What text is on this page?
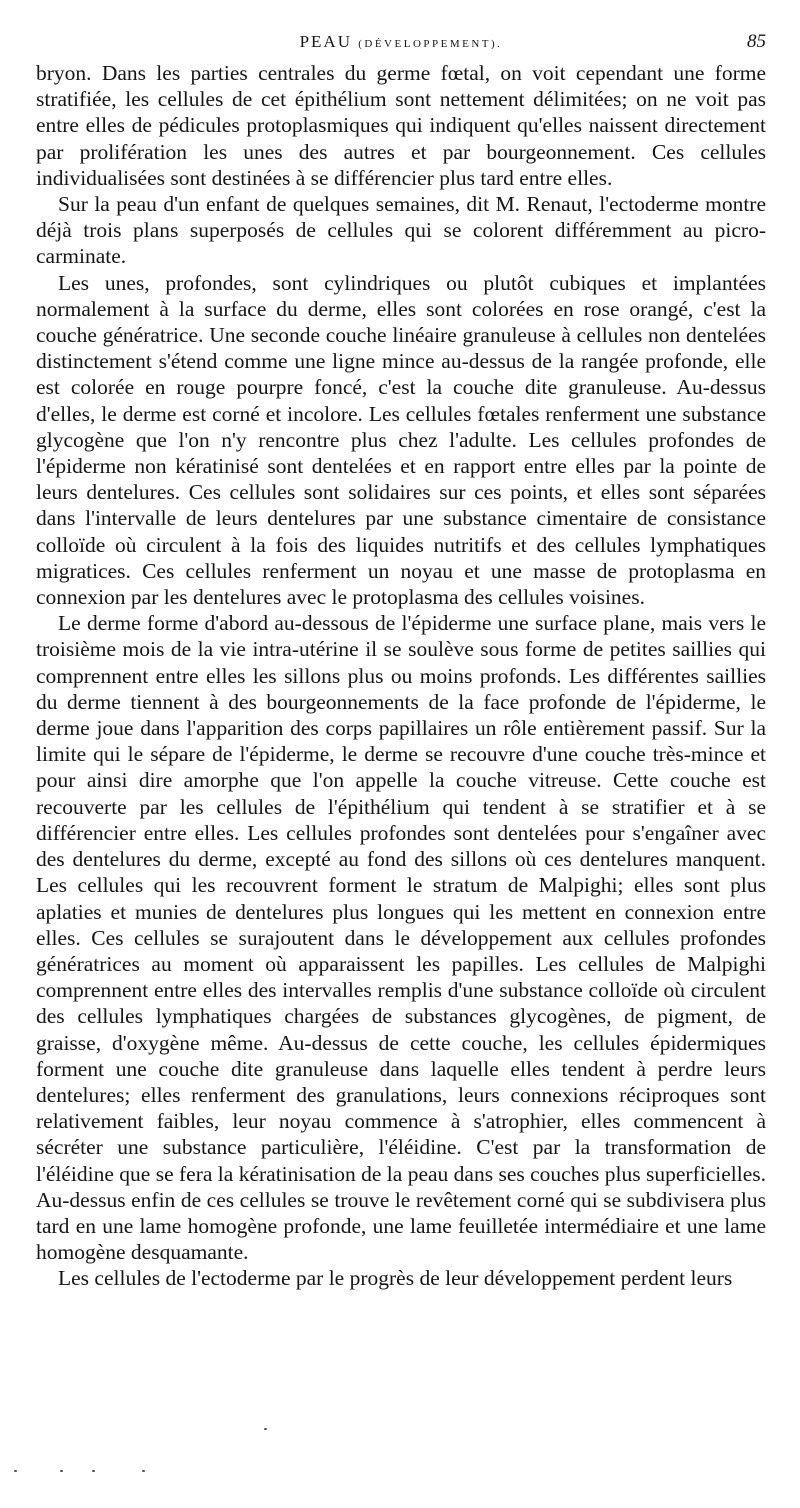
PEAU (DÉVELOPPEMENT).	85

bryon. Dans les parties centrales du germe fœtal, on voit cependant une forme stratifiée, les cellules de cet épithélium sont nettement délimitées; on ne voit pas entre elles de pédicules protoplasmiques qui indiquent qu'elles naissent directement par prolifération les unes des autres et par bourgeonnement. Ces cellules individualisées sont destinées à se différencier plus tard entre elles.

Sur la peau d'un enfant de quelques semaines, dit M. Renaut, l'ectoderme montre déjà trois plans superposés de cellules qui se colorent différemment au picro-carminate.

Les unes, profondes, sont cylindriques ou plutôt cubiques et implantées normalement à la surface du derme, elles sont colorées en rose orangé, c'est la couche génératrice. Une seconde couche linéaire granuleuse à cellules non dentelées distinctement s'étend comme une ligne mince au-dessus de la rangée profonde, elle est colorée en rouge pourpre foncé, c'est la couche dite granuleuse. Au-dessus d'elles, le derme est corné et incolore. Les cellules fœtales renferment une substance glycogène que l'on n'y rencontre plus chez l'adulte. Les cellules profondes de l'épiderme non kératinisé sont dentelées et en rapport entre elles par la pointe de leurs dentelures. Ces cellules sont solidaires sur ces points, et elles sont séparées dans l'intervalle de leurs dentelures par une substance cimentaire de consistance colloïde où circulent à la fois des liquides nutritifs et des cellules lymphatiques migratices. Ces cellules renferment un noyau et une masse de protoplasma en connexion par les dentelures avec le protoplasma des cellules voisines.

Le derme forme d'abord au-dessous de l'épiderme une surface plane, mais vers le troisième mois de la vie intra-utérine il se soulève sous forme de petites saillies qui comprennent entre elles les sillons plus ou moins profonds. Les différentes saillies du derme tiennent à des bourgeonnements de la face profonde de l'épiderme, le derme joue dans l'apparition des corps papillaires un rôle entièrement passif. Sur la limite qui le sépare de l'épiderme, le derme se recouvre d'une couche très-mince et pour ainsi dire amorphe que l'on appelle la couche vitreuse. Cette couche est recouverte par les cellules de l'épithélium qui tendent à se stratifier et à se différencier entre elles. Les cellules profondes sont dentelées pour s'engaîner avec des dentelures du derme, excepté au fond des sillons où ces dentelures manquent. Les cellules qui les recouvrent forment le stratum de Malpighi; elles sont plus aplaties et munies de dentelures plus longues qui les mettent en connexion entre elles. Ces cellules se surajoutent dans le développement aux cellules profondes génératrices au moment où apparaissent les papilles. Les cellules de Malpighi comprennent entre elles des intervalles remplis d'une substance colloïde où circulent des cellules lymphatiques chargées de substances glycogènes, de pigment, de graisse, d'oxygène même. Au-dessus de cette couche, les cellules épidermiques forment une couche dite granuleuse dans laquelle elles tendent à perdre leurs dentelures; elles renferment des granulations, leurs connexions réciproques sont relativement faibles, leur noyau commence à s'atrophier, elles commencent à sécréter une substance particulière, l'éléidine. C'est par la transformation de l'éléidine que se fera la kératinisation de la peau dans ses couches plus superficielles. Au-dessus enfin de ces cellules se trouve le revêtement corné qui se subdivisera plus tard en une lame homogène profonde, une lame feuilletée intermédiaire et une lame homogène desquamante.

Les cellules de l'ectoderme par le progrès de leur développement perdent leurs
